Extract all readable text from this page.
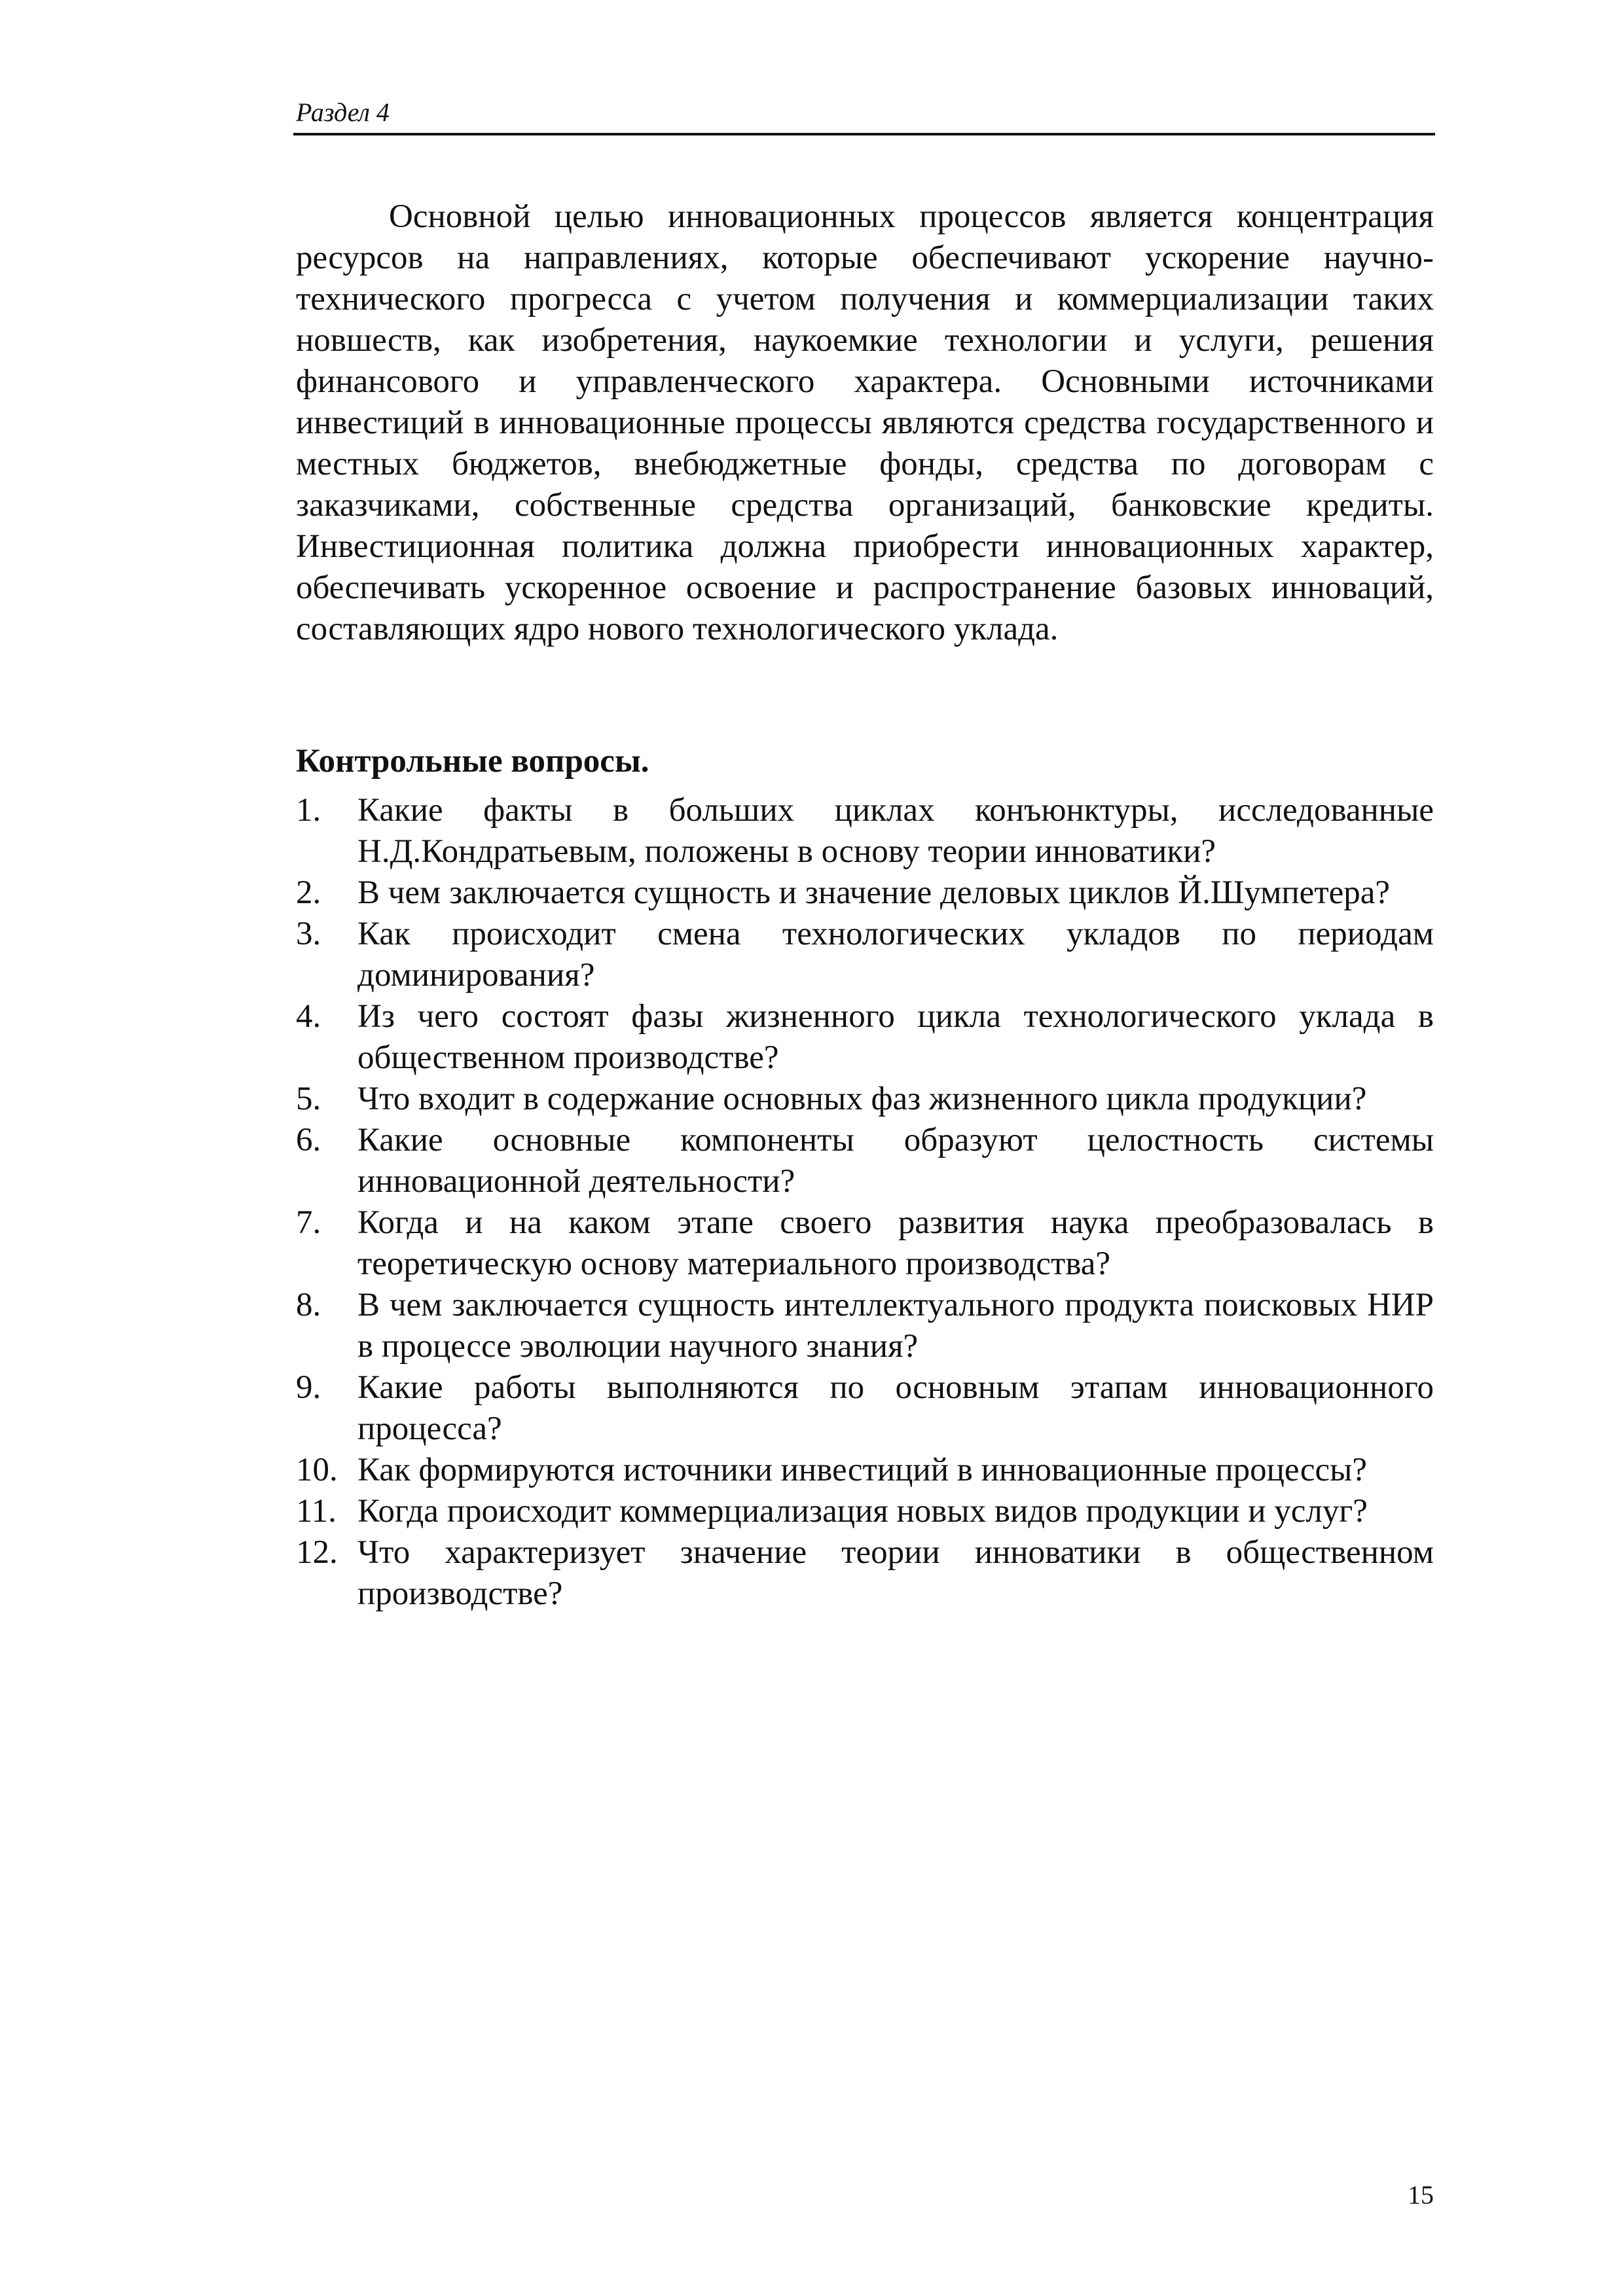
Раздел 4

Основной целью инновационных процессов является концентрация ресурсов на направлениях, которые обеспечивают ускорение научно-технического прогресса с учетом получения и коммерциализации таких новшеств, как изобретения, наукоемкие технологии и услуги, решения финансового и управленческого характера. Основными источниками инвестиций в инновационные процессы являются средства государственного и местных бюджетов, внебюджетные фонды, средства по договорам с заказчиками, собственные средства организаций, банковские кредиты. Инвестиционная политика должна приобрести инновационных характер, обеспечивать ускоренное освоение и распространение базовых инноваций, составляющих ядро нового технологического уклада.

Контрольные вопросы.
1.	Какие факты в больших циклах конъюнктуры, исследованные Н.Д.Кондратьевым, положены в основу теории инноватики?
2.	В чем заключается сущность и значение деловых циклов Й.Шумпетера?
3.	Как происходит смена технологических укладов по периодам доминирования?
4.	Из чего состоят фазы жизненного цикла технологического уклада в общественном производстве?
5.	Что входит в содержание основных фаз жизненного цикла продукции?
6.	Какие основные компоненты образуют целостность системы инновационной деятельности?
7.	Когда и на каком этапе своего развития наука преобразовалась в теоретическую основу материального производства?
8.	В чем заключается сущность интеллектуального продукта поисковых НИР в процессе эволюции научного знания?
9.	Какие работы выполняются по основным этапам инновационного процесса?
10. Как формируются источники инвестиций в инновационные процессы?
11. Когда происходит коммерциализация новых видов продукции и услуг?
12. Что характеризует значение теории инноватики в общественном производстве?
15
